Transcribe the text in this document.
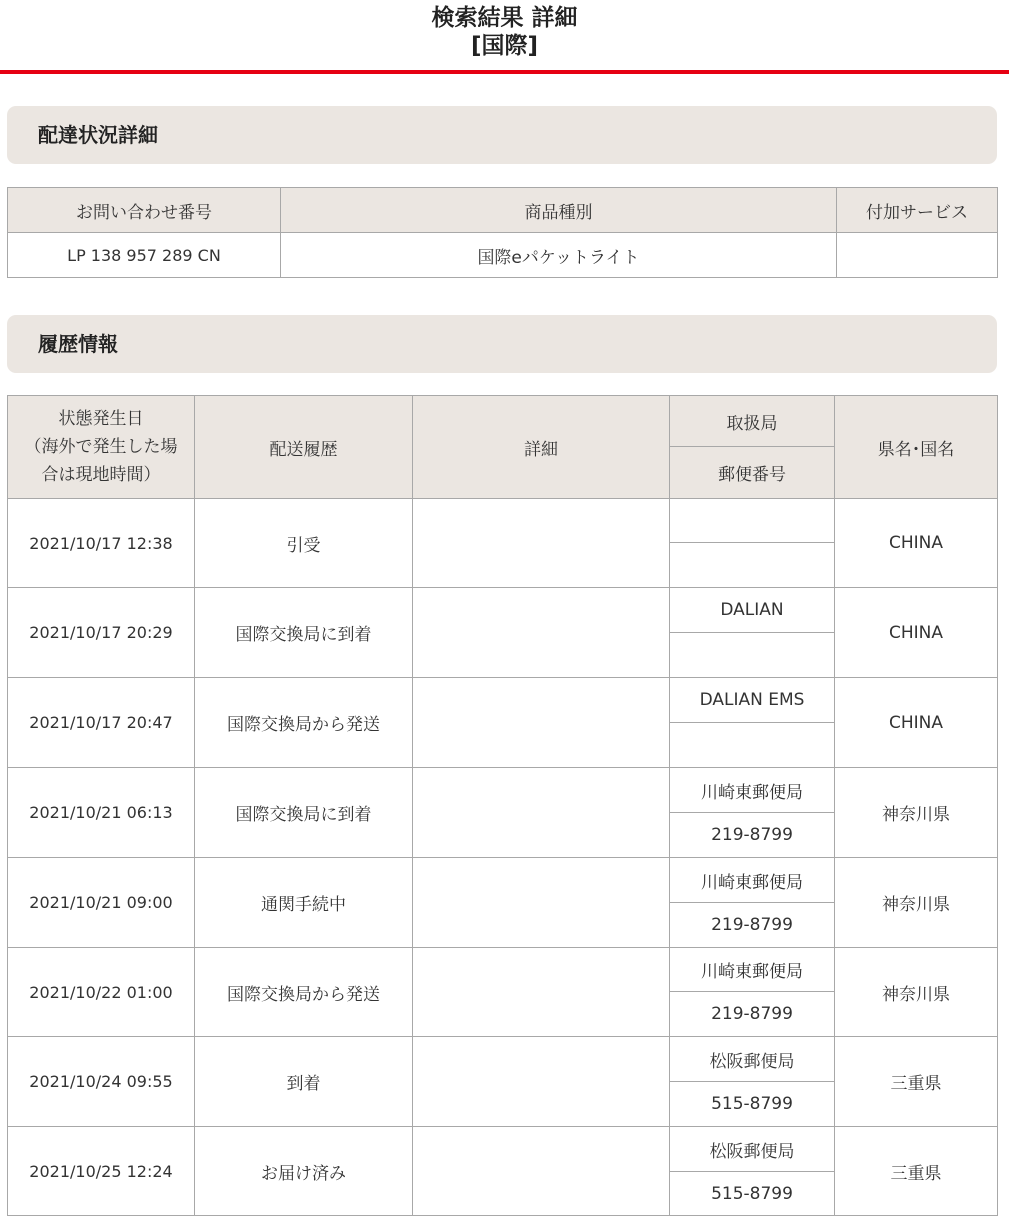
検索結果 詳細
[国際]
配達状況詳細
お問い合わせ番号	商品種別	付加サービス
LP 138 957 289 CN	国際eパケットライト	
履歴情報
状態発生日
（海外で発生した場
合は現地時間）	配送履歴	詳細	取扱局	県名･国名
			郵便番号	
2021/10/17 12:38	引受			CHINA

2021/10/17 20:29	国際交換局に到着		DALIAN	CHINA

2021/10/17 20:47	国際交換局から発送		DALIAN EMS	CHINA

2021/10/21 06:13	国際交換局に到着		川崎東郵便局	神奈川県
			219-8799	
2021/10/21 09:00	通関手続中		川崎東郵便局	神奈川県
			219-8799	
2021/10/22 01:00	国際交換局から発送		川崎東郵便局	神奈川県
			219-8799	
2021/10/24 09:55	到着		松阪郵便局	三重県
			515-8799	
2021/10/25 12:24	お届け済み		松阪郵便局	三重県
			515-8799	
